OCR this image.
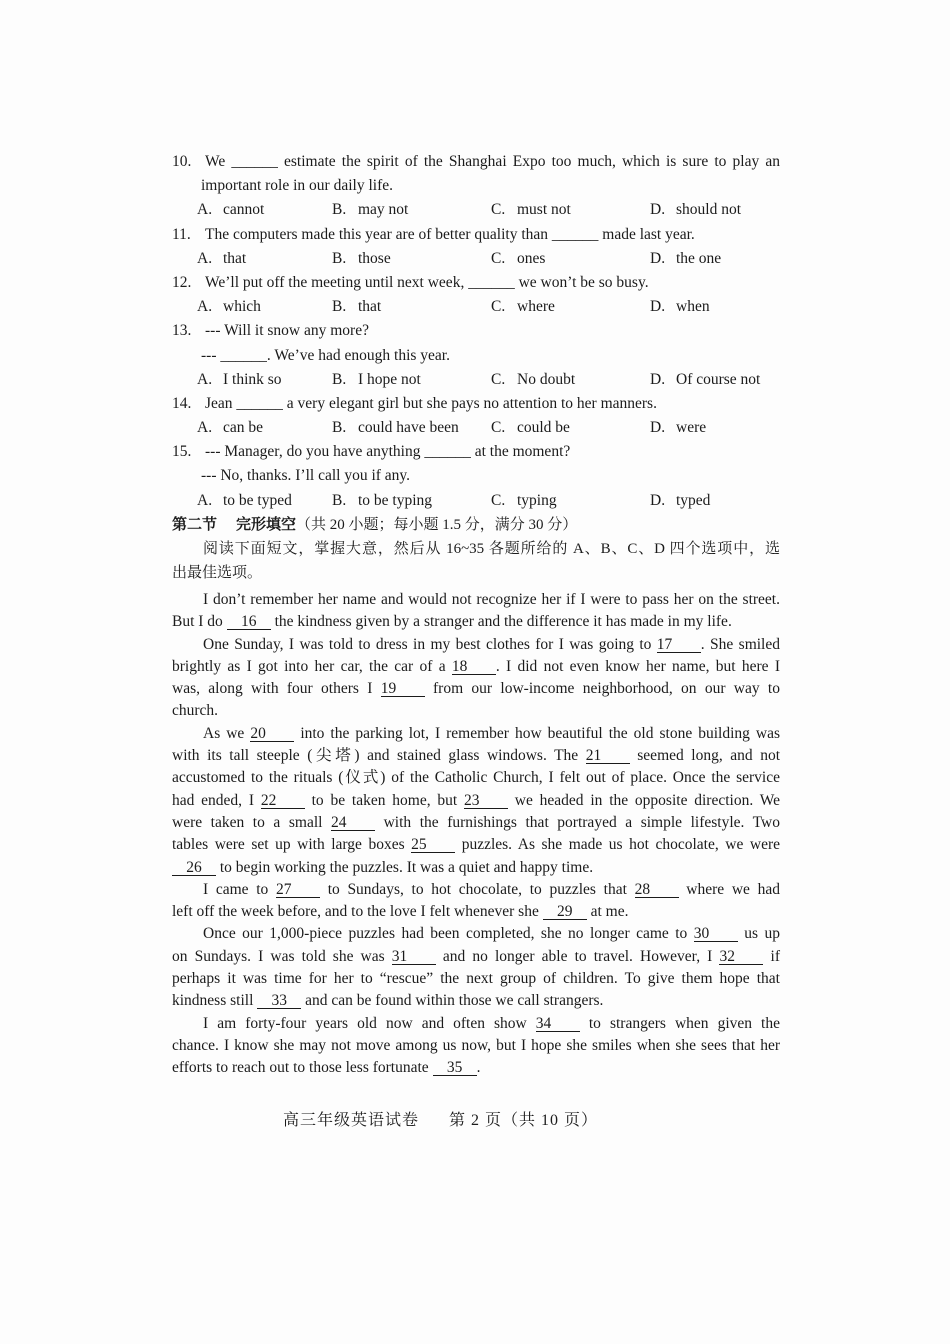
10. We ______ estimate the spirit of the Shanghai Expo too much, which is sure to play an
important role in our daily life.
A. cannot	B. may not	C. must not	D. should not
11. The computers made this year are of better quality than ______ made last year.
A. that	B. those	C. ones	D. the one
12. We’ll put off the meeting until next week, ______ we won’t be so busy.
A. which	B. that	C. where	D. when
13. --- Will it snow any more?
--- ______. We’ve had enough this year.
A. I think so	B. I hope not	C. No doubt	D. Of course not
14. Jean ______ a very elegant girl but she pays no attention to her manners.
A. can be	B. could have been C. could be	D. were
15. --- Manager, do you have anything ______ at the moment?
--- No, thanks. I’ll call you if any.
A. to be typed	B. to be typing	C. typing	D. typed
第二节 完形填空（共 20 小题；每小题 1.5 分，满分 30 分）
阅读下面短文，掌握大意，然后从 16~35 各题所给的 A、B、C、D 四个选项中，选
出最佳选项。
I don’t remember her name and would not recognize her if I were to pass her on the street.
But I do 16 the kindness given by a stranger and the difference it has made in my life.
One Sunday, I was told to dress in my best clothes for I was going to 17 . She smiled
brightly as I got into her car, the car of a 18 . I did not even know her name, but here I
was, along with four others I 19 from our low-income neighborhood, on our way to
church.
As we 20 into the parking lot, I remember how beautiful the old stone building was
with its tall steeple (尖塔) and stained glass windows. The 21 seemed long, and not
accustomed to the rituals (仪式) of the Catholic Church, I felt out of place. Once the service
had ended, I 22 to be taken home, but 23 we headed in the opposite direction. We
were taken to a small 24 with the furnishings that portrayed a simple lifestyle. Two
tables were set up with large boxes 25 puzzles. As she made us hot chocolate, we were
26 to begin working the puzzles. It was a quiet and happy time.
I came to 27 to Sundays, to hot chocolate, to puzzles that 28 where we had
left off the week before, and to the love I felt whenever she 29 at me.
Once our 1,000-piece puzzles had been completed, she no longer came to 30 us up
on Sundays. I was told she was 31 and no longer able to travel. However, I 32 if
perhaps it was time for her to “rescue” the next group of children. To give them hope that
kindness still 33 and can be found within those we call strangers.
I am forty-four years old now and often show 34 to strangers when given the
chance. I know she may not move among us now, but I hope she smiles when she sees that her
efforts to reach out to those less fortunate 35 .
高三年级英语试卷 第 2 页（共 10 页）
